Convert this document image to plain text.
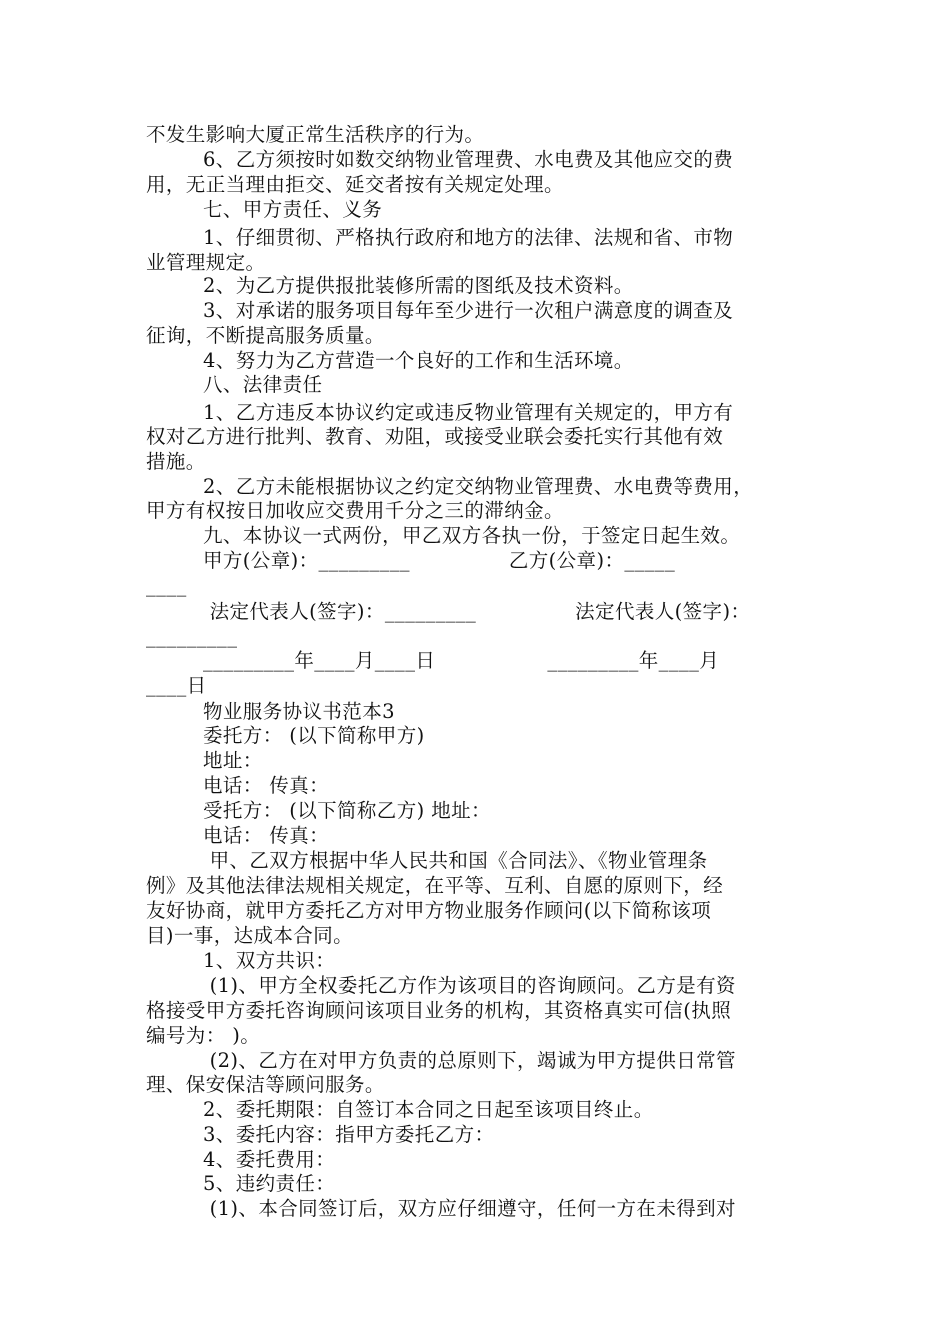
不发生影响大厦正常生活秩序的行为。
6、乙方须按时如数交纳物业管理费、水电费及其他应交的费
用，无正当理由拒交、延交者按有关规定处理。
七、甲方责任、义务
1、仔细贯彻、严格执行政府和地方的法律、法规和省、市物
业管理规定。
2、为乙方提供报批装修所需的图纸及技术资料。
3、对承诺的服务项目每年至少进行一次租户满意度的调查及
征询，不断提高服务质量。
4、努力为乙方营造一个良好的工作和生活环境。
八、法律责任
1、乙方违反本协议约定或违反物业管理有关规定的，甲方有
权对乙方进行批判、教育、劝阻，或接受业联会委托实行其他有效
措施。
2、乙方未能根据协议之约定交纳物业管理费、水电费等费用，
甲方有权按日加收应交费用千分之三的滞纳金。
九、本协议一式两份，甲乙双方各执一份，于签定日起生效。
甲方(公章)：_________               乙方(公章)：_____
____
法定代表人(签字)：_________               法定代表人(签字)：
_________
_________年____月____日                 _________年____月
____日
物业服务协议书范本3
委托方： (以下简称甲方)
地址：
电话： 传真：
受托方： (以下简称乙方) 地址：
电话： 传真：
甲、乙双方根据中华人民共和国《合同法》、《物业管理条
例》及其他法律法规相关规定，在平等、互利、自愿的原则下，经
友好协商，就甲方委托乙方对甲方物业服务作顾问(以下简称该项
目)一事，达成本合同。
1、双方共识：
(1)、甲方全权委托乙方作为该项目的咨询顾问。乙方是有资
格接受甲方委托咨询顾问该项目业务的机构，其资格真实可信(执照
编号为： )。
(2)、乙方在对甲方负责的总原则下，竭诚为甲方提供日常管
理、保安保洁等顾问服务。
2、委托期限：自签订本合同之日起至该项目终止。
3、委托内容：指甲方委托乙方：
4、委托费用：
5、违约责任：
(1)、本合同签订后，双方应仔细遵守，任何一方在未得到对
